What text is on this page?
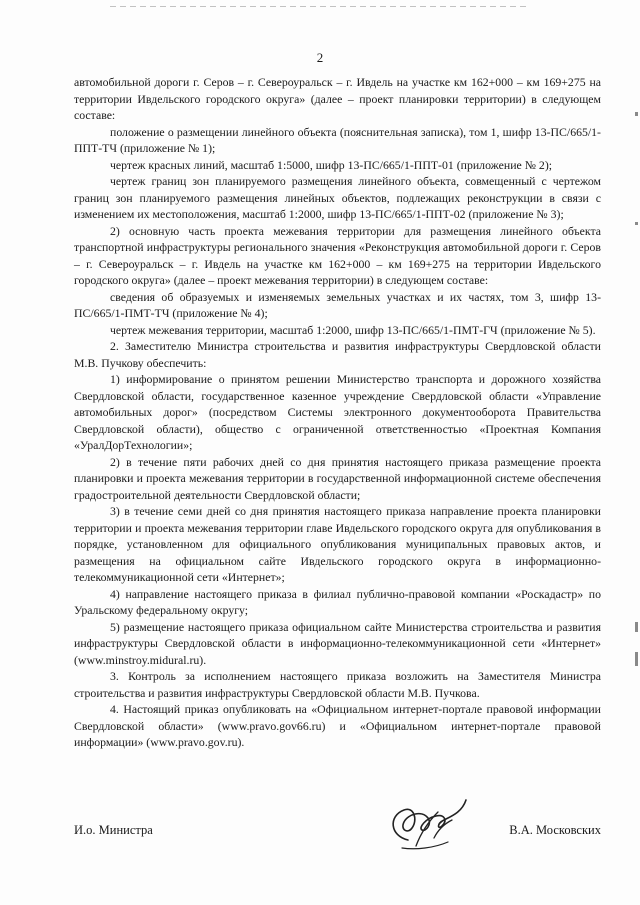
2

автомобильной дороги г. Серов – г. Североуральск – г. Ивдель на участке км 162+000 – км 169+275 на территории Ивдельского городского округа» (далее – проект планировки территории) в следующем составе:

положение о размещении линейного объекта (пояснительная записка), том 1, шифр 13-ПС/665/1-ППТ-ТЧ (приложение № 1);

чертеж красных линий, масштаб 1:5000, шифр 13-ПС/665/1-ППТ-01 (приложение № 2);

чертеж границ зон планируемого размещения линейного объекта, совмещенный с чертежом границ зон планируемого размещения линейных объектов, подлежащих реконструкции в связи с изменением их местоположения, масштаб 1:2000, шифр 13-ПС/665/1-ППТ-02 (приложение № 3);

2) основную часть проекта межевания территории для размещения линейного объекта транспортной инфраструктуры регионального значения «Реконструкция автомобильной дороги г. Серов – г. Североуральск – г. Ивдель на участке км 162+000 – км 169+275 на территории Ивдельского городского округа» (далее – проект межевания территории) в следующем составе:

сведения об образуемых и изменяемых земельных участках и их частях, том 3, шифр 13-ПС/665/1-ПМТ-ТЧ (приложение № 4);

чертеж межевания территории, масштаб 1:2000, шифр 13-ПС/665/1-ПМТ-ГЧ (приложение № 5).

2. Заместителю Министра строительства и развития инфраструктуры Свердловской области М.В. Пучкову обеспечить:

1) информирование о принятом решении Министерство транспорта и дорожного хозяйства Свердловской области, государственное казенное учреждение Свердловской области «Управление автомобильных дорог» (посредством Системы электронного документооборота Правительства Свердловской области), общество с ограниченной ответственностью «Проектная Компания «УралДорТехнологии»;

2) в течение пяти рабочих дней со дня принятия настоящего приказа размещение проекта планировки и проекта межевания территории в государственной информационной системе обеспечения градостроительной деятельности Свердловской области;

3) в течение семи дней со дня принятия настоящего приказа направление проекта планировки территории и проекта межевания территории главе Ивдельского городского округа для опубликования в порядке, установленном для официального опубликования муниципальных правовых актов, и размещения на официальном сайте Ивдельского городского округа в информационно-телекоммуникационной сети «Интернет»;

4) направление настоящего приказа в филиал публично-правовой компании «Роскадастр» по Уральскому федеральному округу;

5) размещение настоящего приказа официальном сайте Министерства строительства и развития инфраструктуры Свердловской области в информационно-телекоммуникационной сети «Интернет» (www.minstroy.midural.ru).

3. Контроль за исполнением настоящего приказа возложить на Заместителя Министра строительства и развития инфраструктуры Свердловской области М.В. Пучкова.

4. Настоящий приказ опубликовать на «Официальном интернет-портале правовой информации Свердловской области» (www.pravo.gov66.ru) и «Официальном интернет-портале правовой информации» (www.pravo.gov.ru).

И.о. Министра	В.А. Московских
